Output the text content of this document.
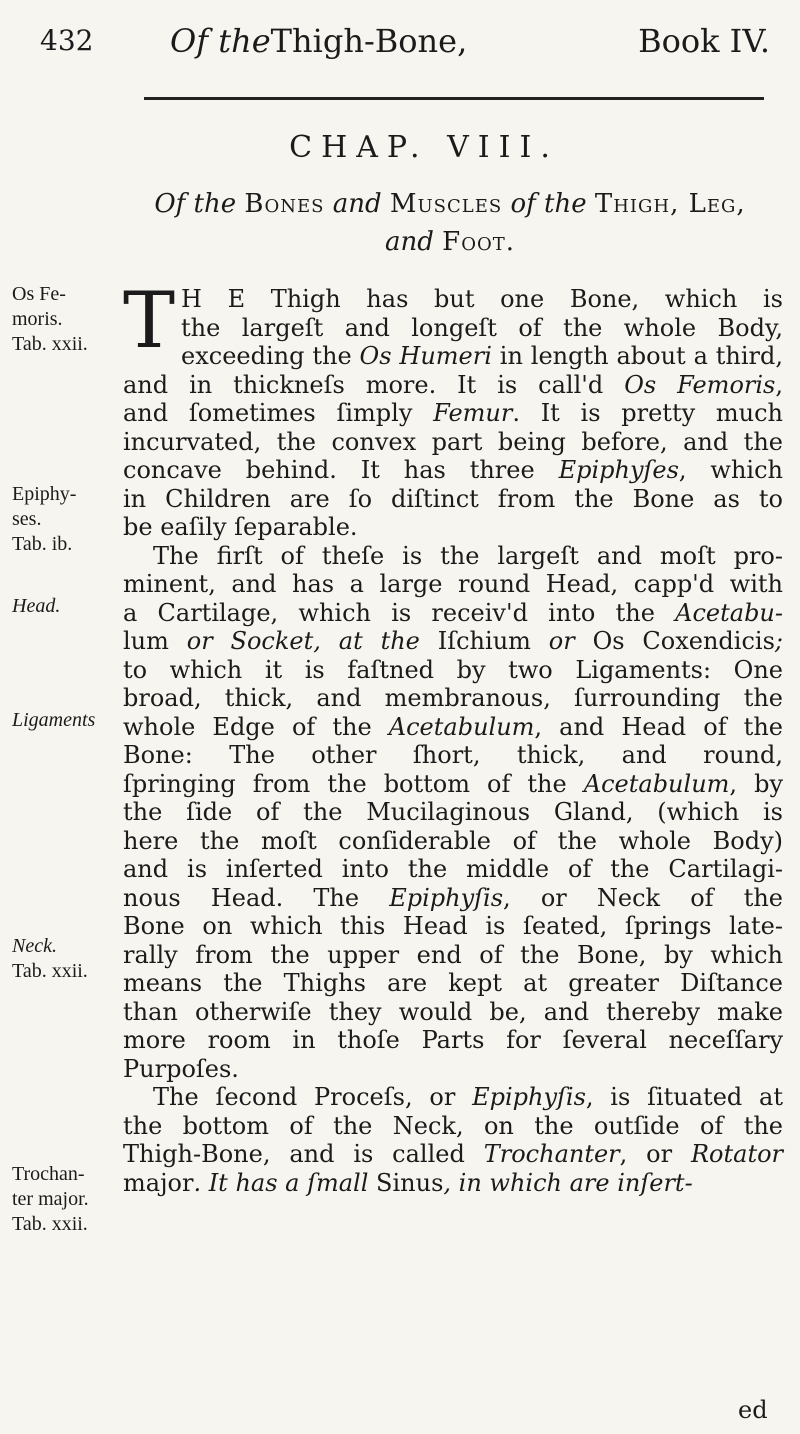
432 Of theThigh-Bone,	Book IV.
CHAP. VIII.
Of the Bones and Muscles of the Thigh, Leg,
and Foot.
Os Fe-
moris.
Tab. xxii.
Epiphy-
ses.
Tab. ib.
Head.
Ligaments
Neck.
Tab. xxii.
Trochan-
ter major.
Tab. xxii.
T H E Thigh has but one Bone, which is
the largeſt and longeſt of the whole Body,
exceeding the Os Humeri in length about a third,
and in thickneſs more. It is call'd Os Femoris,
and ſometimes ſimply Femur. It is pretty much
incurvated, the convex part being before, and the
concave behind. It has three Epiphyſes, which
in Children are ſo diſtinct from the Bone as to
be eaſily ſeparable.
The firſt of theſe is the largeſt and moſt pro-
minent, and has a large round Head, capp'd with
a Cartilage, which is receiv'd into the Acetabu-
lum or Socket, at the Iſchium or Os Coxendicis;
to which it is faſtned by two Ligaments: One
broad, thick, and membranous, ſurrounding the
whole Edge of the Acetabulum, and Head of the
Bone: The other ſhort, thick, and round,
ſpringing from the bottom of the Acetabulum, by
the ſide of the Mucilaginous Gland, (which is
here the moſt conſiderable of the whole Body)
and is inſerted into the middle of the Cartilagi-
nous Head. The Epiphyſis, or Neck of the
Bone on which this Head is ſeated, ſprings late-
rally from the upper end of the Bone, by which
means the Thighs are kept at greater Diſtance
than otherwiſe they would be, and thereby make
more room in thoſe Parts for ſeveral neceſſary
Purpoſes.
The ſecond Proceſs, or Epiphyſis, is ſituated at
the bottom of the Neck, on the outſide of the
Thigh-Bone, and is called Trochanter, or Rotator
major. It has a ſmall Sinus, in which are inſert-
ed
